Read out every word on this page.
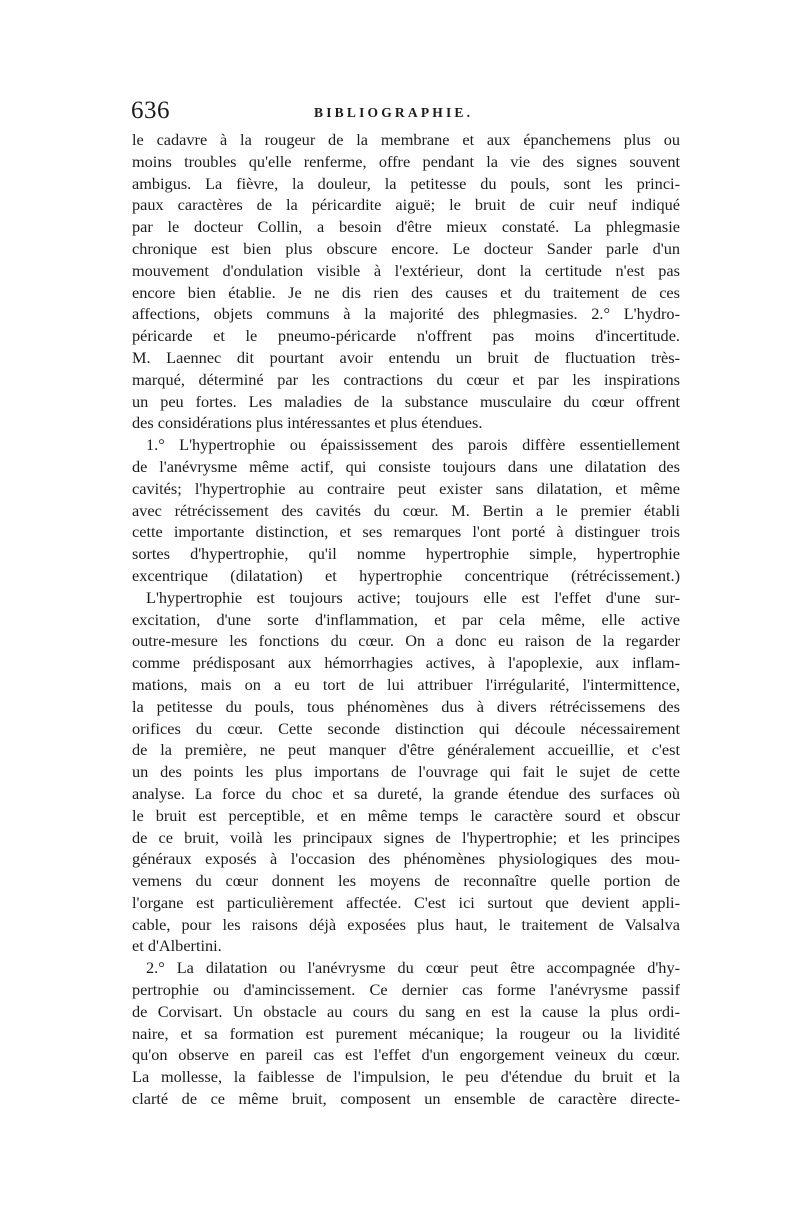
636	BIBLIOGRAPHIE.
le cadavre à la rougeur de la membrane et aux épanchemens plus ou
moins troubles qu'elle renferme, offre pendant la vie des signes souvent
ambigus. La fièvre, la douleur, la petitesse du pouls, sont les princi-
paux caractères de la péricardite aiguë; le bruit de cuir neuf indiqué
par le docteur Collin, a besoin d'être mieux constaté. La phlegmasie
chronique est bien plus obscure encore. Le docteur Sander parle d'un
mouvement d'ondulation visible à l'extérieur, dont la certitude n'est pas
encore bien établie. Je ne dis rien des causes et du traitement de ces
affections, objets communs à la majorité des phlegmasies. 2.° L'hydro-
péricarde et le pneumo-péricarde n'offrent pas moins d'incertitude.
M. Laennec dit pourtant avoir entendu un bruit de fluctuation très-
marqué, déterminé par les contractions du cœur et par les inspirations
un peu fortes. Les maladies de la substance musculaire du cœur offrent
des considérations plus intéressantes et plus étendues.
1.° L'hypertrophie ou épaississement des parois diffère essentiellement
de l'anévrysme même actif, qui consiste toujours dans une dilatation des
cavités; l'hypertrophie au contraire peut exister sans dilatation, et même
avec rétrécissement des cavités du cœur. M. Bertin a le premier établi
cette importante distinction, et ses remarques l'ont porté à distinguer trois
sortes d'hypertrophie, qu'il nomme hypertrophie simple, hypertrophie
excentrique (dilatation) et hypertrophie concentrique (rétrécissement.)
L'hypertrophie est toujours active; toujours elle est l'effet d'une sur-
excitation, d'une sorte d'inflammation, et par cela même, elle active
outre-mesure les fonctions du cœur. On a donc eu raison de la regarder
comme prédisposant aux hémorrhagies actives, à l'apoplexie, aux inflam-
mations, mais on a eu tort de lui attribuer l'irrégularité, l'intermittence,
la petitesse du pouls, tous phénomènes dus à divers rétrécissemens des
orifices du cœur. Cette seconde distinction qui découle nécessairement
de la première, ne peut manquer d'être généralement accueillie, et c'est
un des points les plus importans de l'ouvrage qui fait le sujet de cette
analyse. La force du choc et sa dureté, la grande étendue des surfaces où
le bruit est perceptible, et en même temps le caractère sourd et obscur
de ce bruit, voilà les principaux signes de l'hypertrophie; et les principes
généraux exposés à l'occasion des phénomènes physiologiques des mou-
vemens du cœur donnent les moyens de reconnaître quelle portion de
l'organe est particulièrement affectée. C'est ici surtout que devient appli-
cable, pour les raisons déjà exposées plus haut, le traitement de Valsalva
et d'Albertini.
2.° La dilatation ou l'anévrysme du cœur peut être accompagnée d'hy-
pertrophie ou d'amincissement. Ce dernier cas forme l'anévrysme passif
de Corvisart. Un obstacle au cours du sang en est la cause la plus ordi-
naire, et sa formation est purement mécanique; la rougeur ou la lividité
qu'on observe en pareil cas est l'effet d'un engorgement veineux du cœur.
La mollesse, la faiblesse de l'impulsion, le peu d'étendue du bruit et la
clarté de ce même bruit, composent un ensemble de caractère directe-
